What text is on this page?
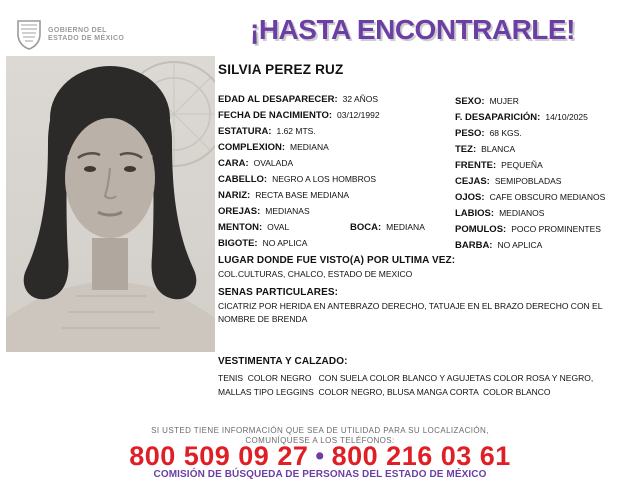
GOBIERNO DEL
ESTADO DE MÉXICO	¡HASTA ENCONTRARLE!
SILVIA PEREZ RUZ
EDAD AL DESAPARECER: 32 AÑOS
FECHA DE NACIMIENTO: 03/12/1992
ESTATURA: 1.62 MTS.
COMPLEXION: MEDIANA
CARA: OVALADA
CABELLO: NEGRO A LOS HOMBROS
NARIZ: RECTA BASE MEDIANA
OREJAS: MEDIANAS
MENTON: OVAL
BIGOTE: NO APLICA
BOCA: MEDIANA
SEXO: MUJER
F. DESAPARICIÓN: 14/10/2025
PESO: 68 KGS.
TEZ: BLANCA
FRENTE: PEQUEÑA
CEJAS: SEMIPOBLADAS
OJOS: CAFE OBSCURO MEDIANOS
LABIOS: MEDIANOS
POMULOS: POCO PROMINENTES
BARBA: NO APLICA
LUGAR DONDE FUE VISTO(A) POR ULTIMA VEZ:

COL.CULTURAS, CHALCO, ESTADO DE MEXICO

SENAS PARTICULARES:

CICATRIZ POR HERIDA EN ANTEBRAZO DERECHO, TATUAJE EN EL BRAZO DERECHO CON EL NOMBRE DE BRENDA

VESTIMENTA Y CALZADO:

TENIS  COLOR NEGRO   CON SUELA COLOR BLANCO Y AGUJETAS COLOR ROSA Y NEGRO, MALLAS TIPO LEGGINS  COLOR NEGRO, BLUSA MANGA CORTA  COLOR BLANCO

SI USTED TIENE INFORMACIÓN QUE SEA DE UTILIDAD PARA SU LOCALIZACIÓN,
COMUNÍQUESE A LOS TELÉFONOS:
800 509 09 27 • 800 216 03 61
COMISIÓN DE BÚSQUEDA DE PERSONAS DEL ESTADO DE MÉXICO
